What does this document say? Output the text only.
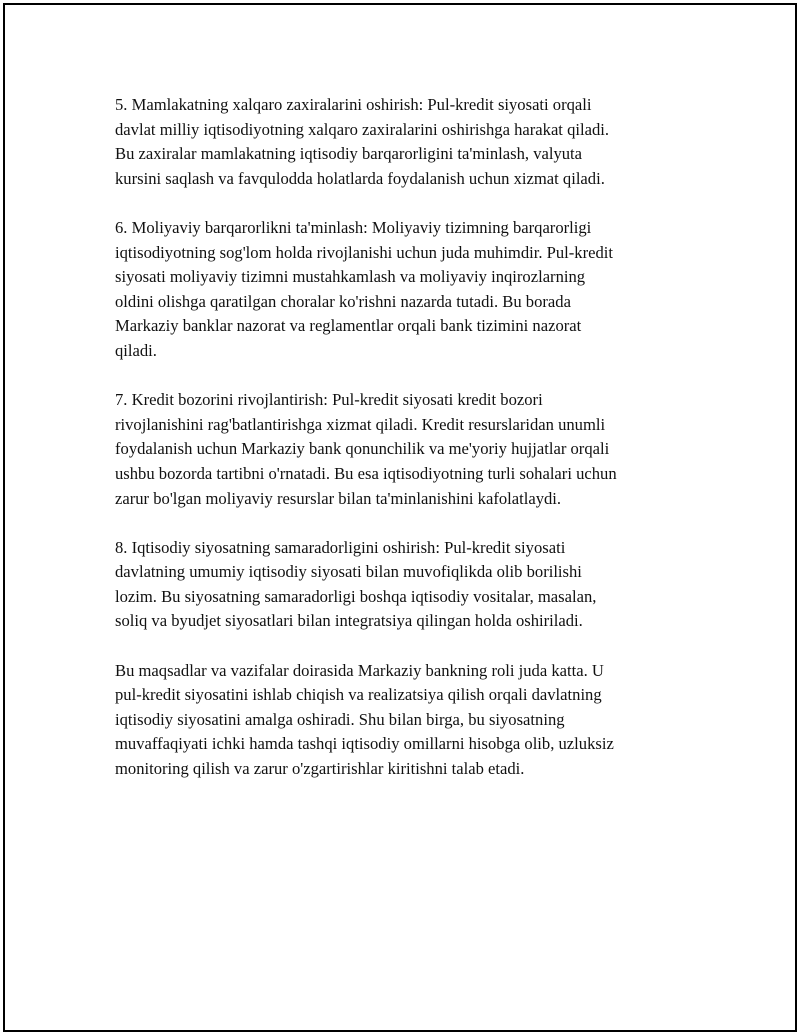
5. Mamlakatning xalqaro zaxiralarini oshirish: Pul-kredit siyosati orqali
davlat milliy iqtisodiyotning xalqaro zaxiralarini oshirishga harakat qiladi.
Bu zaxiralar mamlakatning iqtisodiy barqarorligini ta'minlash, valyuta
kursini saqlash va favqulodda holatlarda foydalanish uchun xizmat qiladi.

6. Moliyaviy barqarorlikni ta'minlash: Moliyaviy tizimning barqarorligi
iqtisodiyotning sog'lom holda rivojlanishi uchun juda muhimdir. Pul-kredit
siyosati moliyaviy tizimni mustahkamlash va moliyaviy inqirozlarning
oldini olishga qaratilgan choralar ko'rishni nazarda tutadi. Bu borada
Markaziy banklar nazorat va reglamentlar orqali bank tizimini nazorat
qiladi.

7. Kredit bozorini rivojlantirish: Pul-kredit siyosati kredit bozori
rivojlanishini rag'batlantirishga xizmat qiladi. Kredit resurslaridan unumli
foydalanish uchun Markaziy bank qonunchilik va me'yoriy hujjatlar orqali
ushbu bozorda tartibni o'rnatadi. Bu esa iqtisodiyotning turli sohalari uchun
zarur bo'lgan moliyaviy resurslar bilan ta'minlanishini kafolatlaydi.

8. Iqtisodiy siyosatning samaradorligini oshirish: Pul-kredit siyosati
davlatning umumiy iqtisodiy siyosati bilan muvofiqlikda olib borilishi
lozim. Bu siyosatning samaradorligi boshqa iqtisodiy vositalar, masalan,
soliq va byudjet siyosatlari bilan integratsiya qilingan holda oshiriladi.

Bu maqsadlar va vazifalar doirasida Markaziy bankning roli juda katta. U
pul-kredit siyosatini ishlab chiqish va realizatsiya qilish orqali davlatning
iqtisodiy siyosatini amalga oshiradi. Shu bilan birga, bu siyosatning
muvaffaqiyati ichki hamda tashqi iqtisodiy omillarni hisobga olib, uzluksiz
monitoring qilish va zarur o'zgartirishlar kiritishni talab etadi.
